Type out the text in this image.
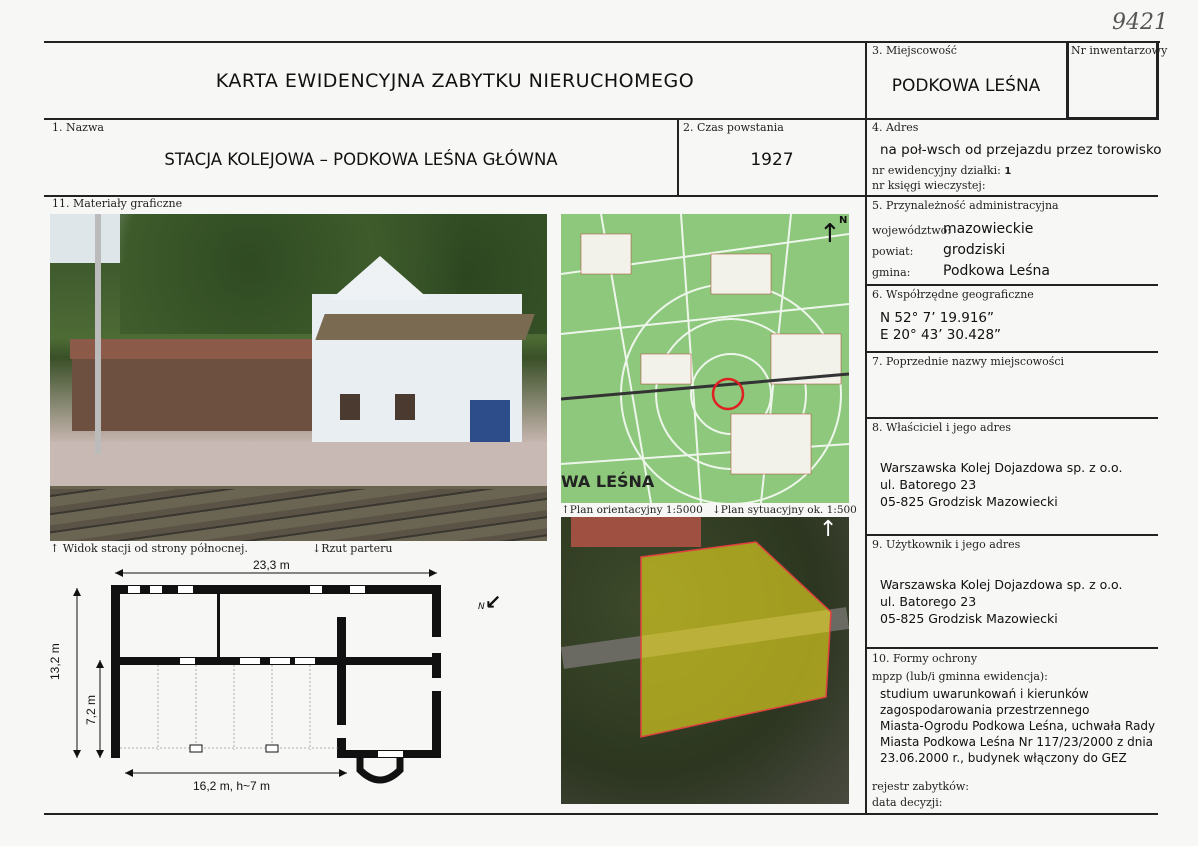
9421
KARTA EWIDENCYJNA ZABYTKU NIERUCHOMEGO
3. Miejscowość
PODKOWA LEŚNA
Nr inwentarzowy
1. Nazwa
STACJA KOLEJOWA – PODKOWA LEŚNA GŁÓWNA
2. Czas powstania
1927
4. Adres
na poł-wsch od przejazdu przez torowisko
nr ewidencyjny działki: 1
nr księgi wieczystej:
5. Przynależność administracyjna
województwo:
mazowieckie
powiat: grodziski
gmina: Podkowa Leśna
6. Współrzędne geograficzne
N 52° 7’ 19.916”
E 20° 43’ 30.428”
7. Poprzednie nazwy miejscowości
8. Właściciel i jego adres
Warszawska Kolej Dojazdowa sp. z o.o.
ul. Batorego 23
05-825 Grodzisk Mazowiecki
9. Użytkownik i jego adres
Warszawska Kolej Dojazdowa sp. z o.o.
ul. Batorego 23
05-825 Grodzisk Mazowiecki
10. Formy ochrony
mpzp (lub/i gminna ewidencja):
studium uwarunkowań i kierunków
zagospodarowania przestrzennego
Miasta-Ogrodu Podkowa Leśna, uchwała Rady
Miasta Podkowa Leśna Nr 117/23/2000 z dnia
23.06.2000 r., budynek włączony do GEZ
rejestr zabytków:
data decyzji:
11. Materiały graficzne
↑
N
WA LEŚNA
↑Plan orientacyjny 1:5000 ↓Plan sytuacyjny ok. 1:500
↑
↑ Widok stacji od strony północnej.	↓Rzut parteru
23,3 m
13,2 m
7,2 m
16,2 m, h~7 m
N↙
